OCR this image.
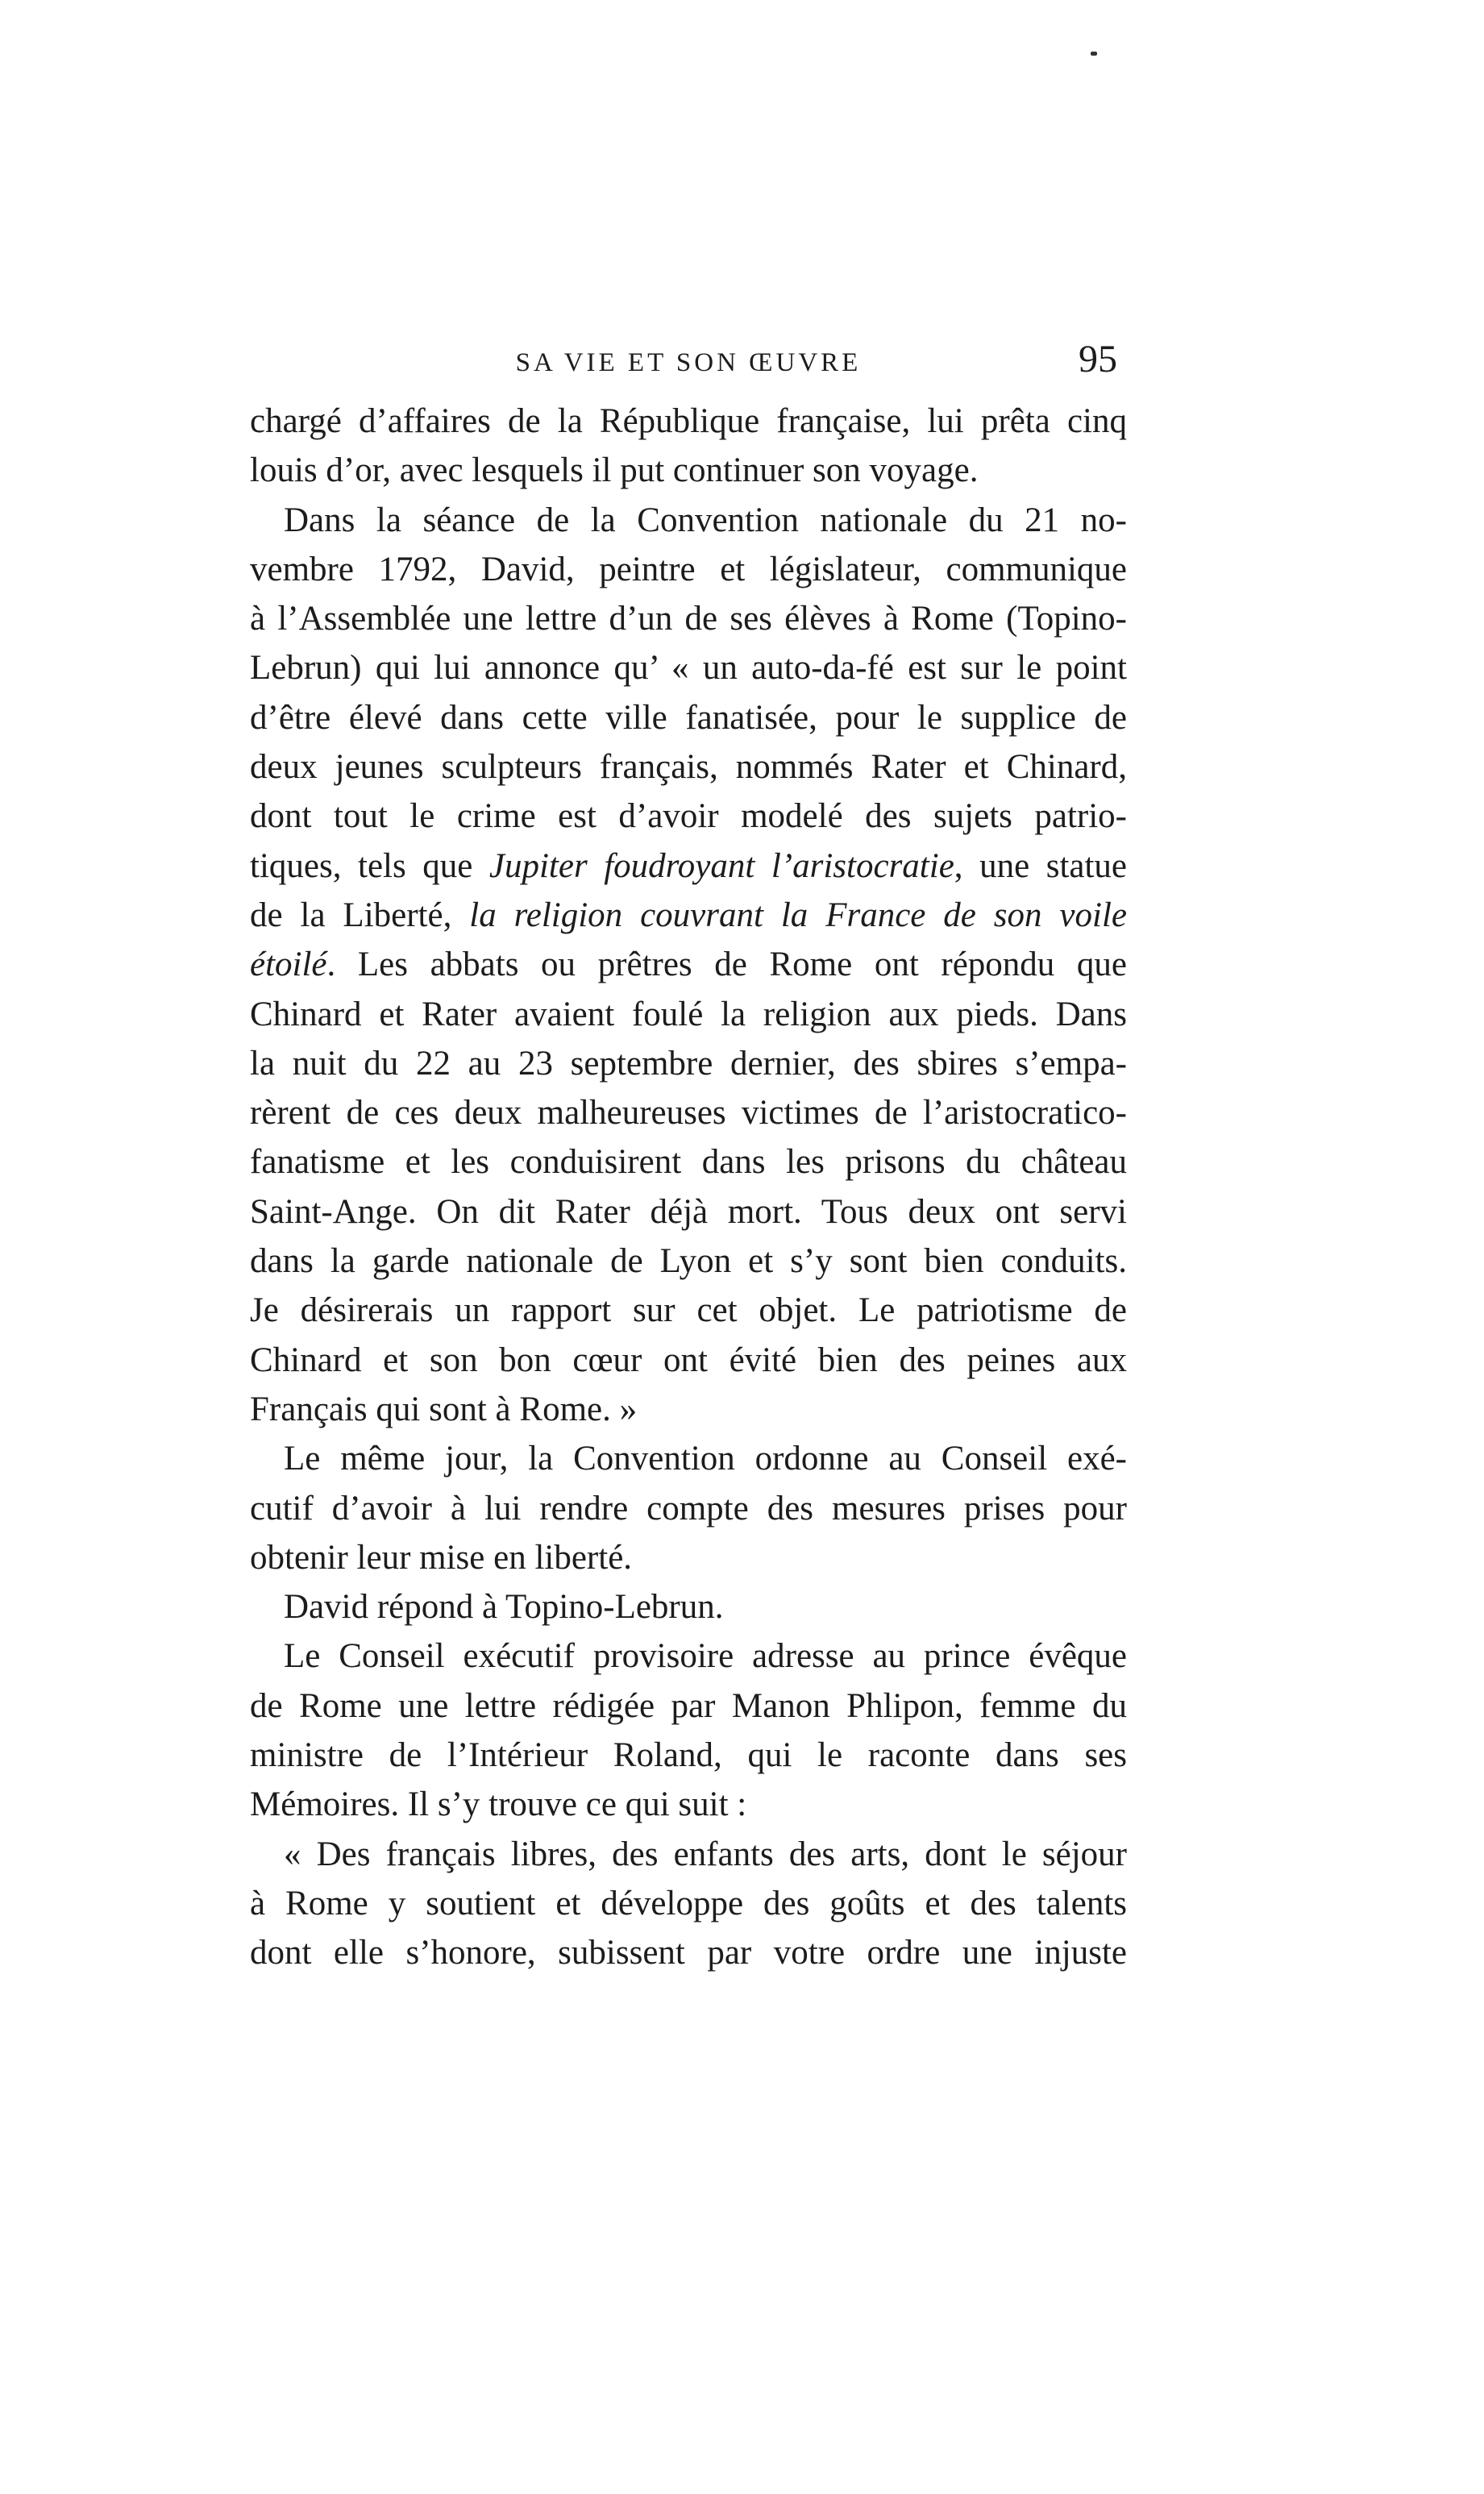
SA VIE ET SON ŒUVRE	95
chargé d’affaires de la République française, lui prêta cinq
louis d’or, avec lesquels il put continuer son voyage.
Dans la séance de la Convention nationale du 21 no-
vembre 1792, David, peintre et législateur, communique
à l’Assemblée une lettre d’un de ses élèves à Rome (Topino-
Lebrun) qui lui annonce qu’ « un auto-da-fé est sur le point
d’être élevé dans cette ville fanatisée, pour le supplice de
deux jeunes sculpteurs français, nommés Rater et Chinard,
dont tout le crime est d’avoir modelé des sujets patrio-
tiques, tels que Jupiter foudroyant l’aristocratie, une statue
de la Liberté, la religion couvrant la France de son voile
étoilé. Les abbats ou prêtres de Rome ont répondu que
Chinard et Rater avaient foulé la religion aux pieds. Dans
la nuit du 22 au 23 septembre dernier, des sbires s’empa-
rèrent de ces deux malheureuses victimes de l’aristocratico-
fanatisme et les conduisirent dans les prisons du château
Saint-Ange. On dit Rater déjà mort. Tous deux ont servi
dans la garde nationale de Lyon et s’y sont bien conduits.
Je désirerais un rapport sur cet objet. Le patriotisme de
Chinard et son bon cœur ont évité bien des peines aux
Français qui sont à Rome. »
Le même jour, la Convention ordonne au Conseil exé-
cutif d’avoir à lui rendre compte des mesures prises pour
obtenir leur mise en liberté.
David répond à Topino-Lebrun.
Le Conseil exécutif provisoire adresse au prince évêque
de Rome une lettre rédigée par Manon Phlipon, femme du
ministre de l’Intérieur Roland, qui le raconte dans ses
Mémoires. Il s’y trouve ce qui suit :
« Des français libres, des enfants des arts, dont le séjour
à Rome y soutient et développe des goûts et des talents
dont elle s’honore, subissent par votre ordre une injuste
